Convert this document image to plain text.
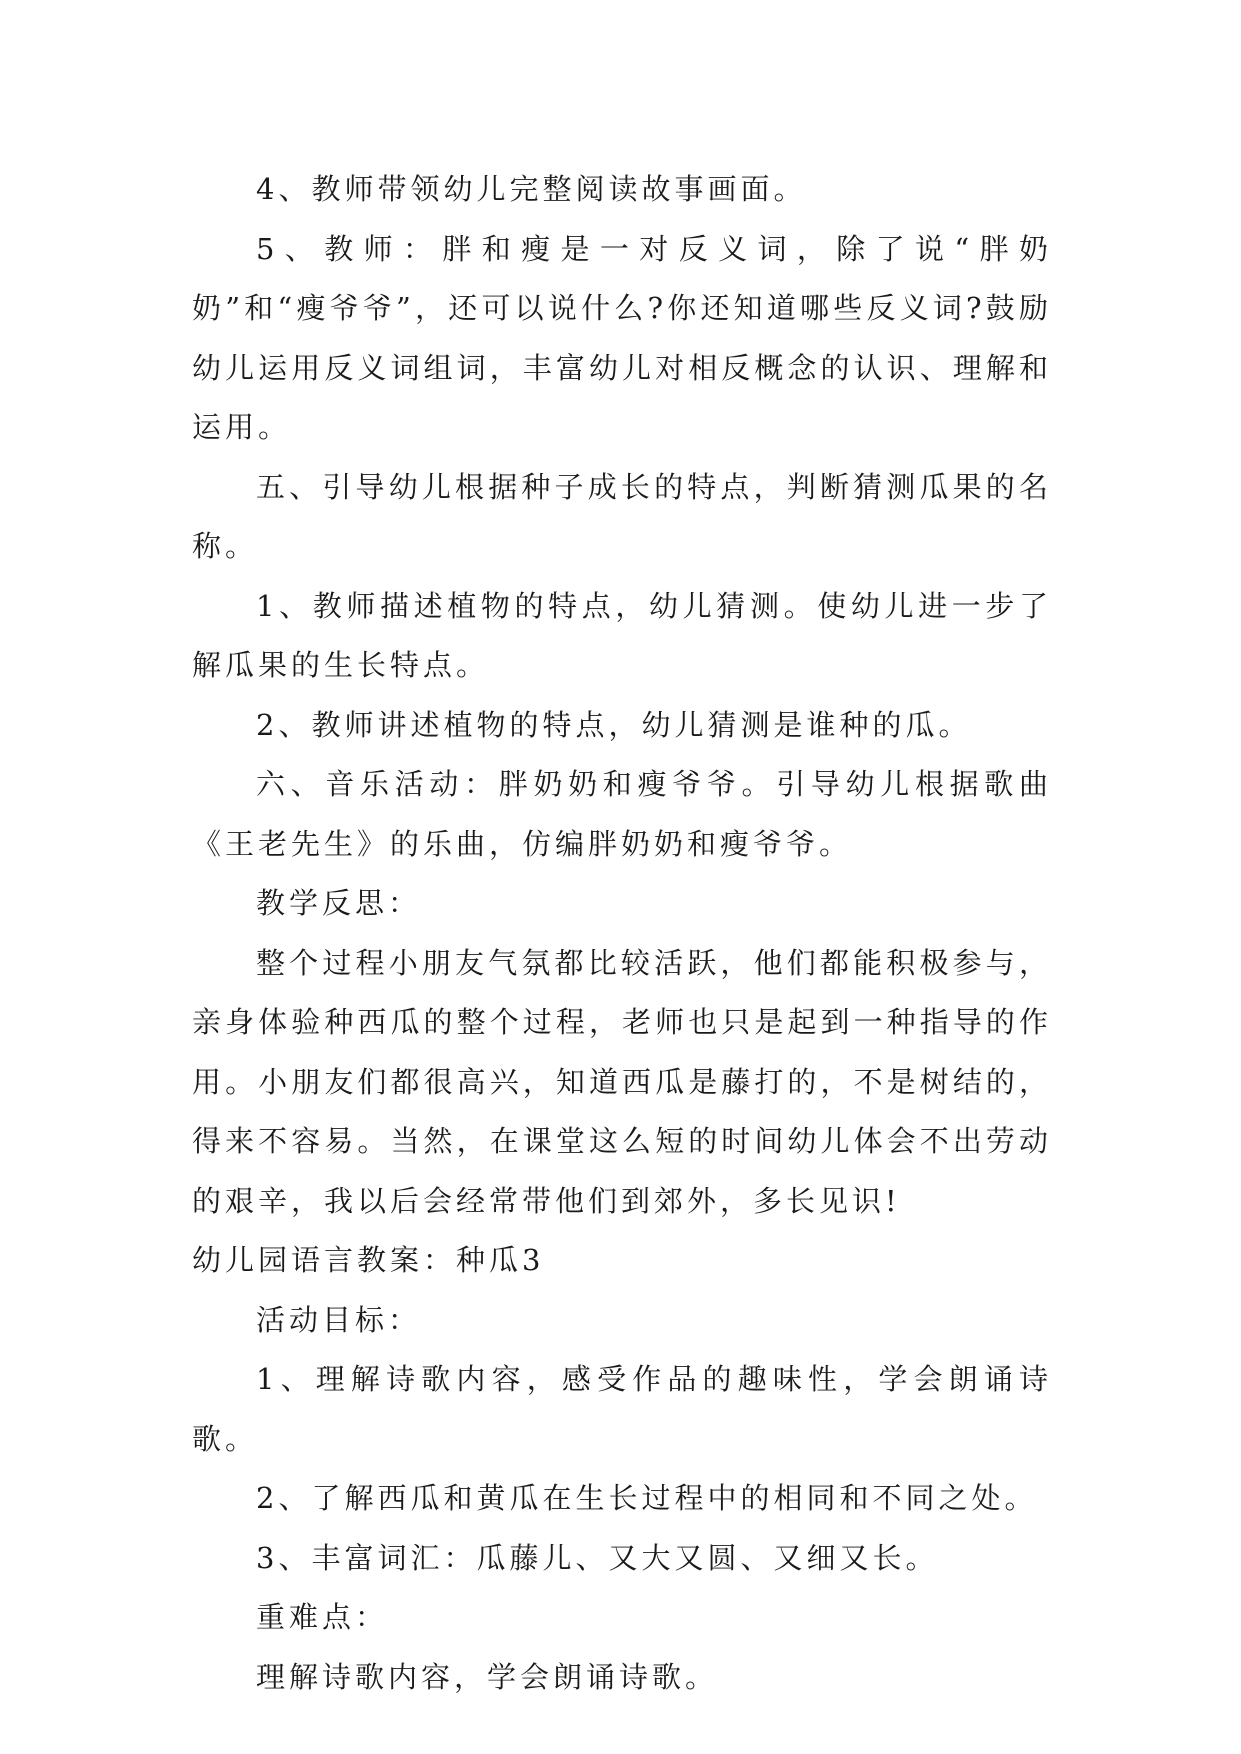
4、教师带领幼儿完整阅读故事画面。

5、教师：胖和瘦是一对反义词，除了说“胖奶奶”和“瘦爷爷”，还可以说什么?你还知道哪些反义词?鼓励幼儿运用反义词组词，丰富幼儿对相反概念的认识、理解和运用。

五、引导幼儿根据种子成长的特点，判断猜测瓜果的名称。

1、教师描述植物的特点，幼儿猜测。使幼儿进一步了解瓜果的生长特点。

2、教师讲述植物的特点，幼儿猜测是谁种的瓜。

六、音乐活动：胖奶奶和瘦爷爷。引导幼儿根据歌曲《王老先生》的乐曲，仿编胖奶奶和瘦爷爷。

教学反思：

整个过程小朋友气氛都比较活跃，他们都能积极参与，亲身体验种西瓜的整个过程，老师也只是起到一种指导的作用。小朋友们都很高兴，知道西瓜是藤打的，不是树结的，得来不容易。当然，在课堂这么短的时间幼儿体会不出劳动的艰辛，我以后会经常带他们到郊外，多长见识!

幼儿园语言教案：种瓜3

活动目标：

1、理解诗歌内容，感受作品的趣味性，学会朗诵诗歌。

2、了解西瓜和黄瓜在生长过程中的相同和不同之处。

3、丰富词汇：瓜藤儿、又大又圆、又细又长。

重难点：

理解诗歌内容，学会朗诵诗歌。
